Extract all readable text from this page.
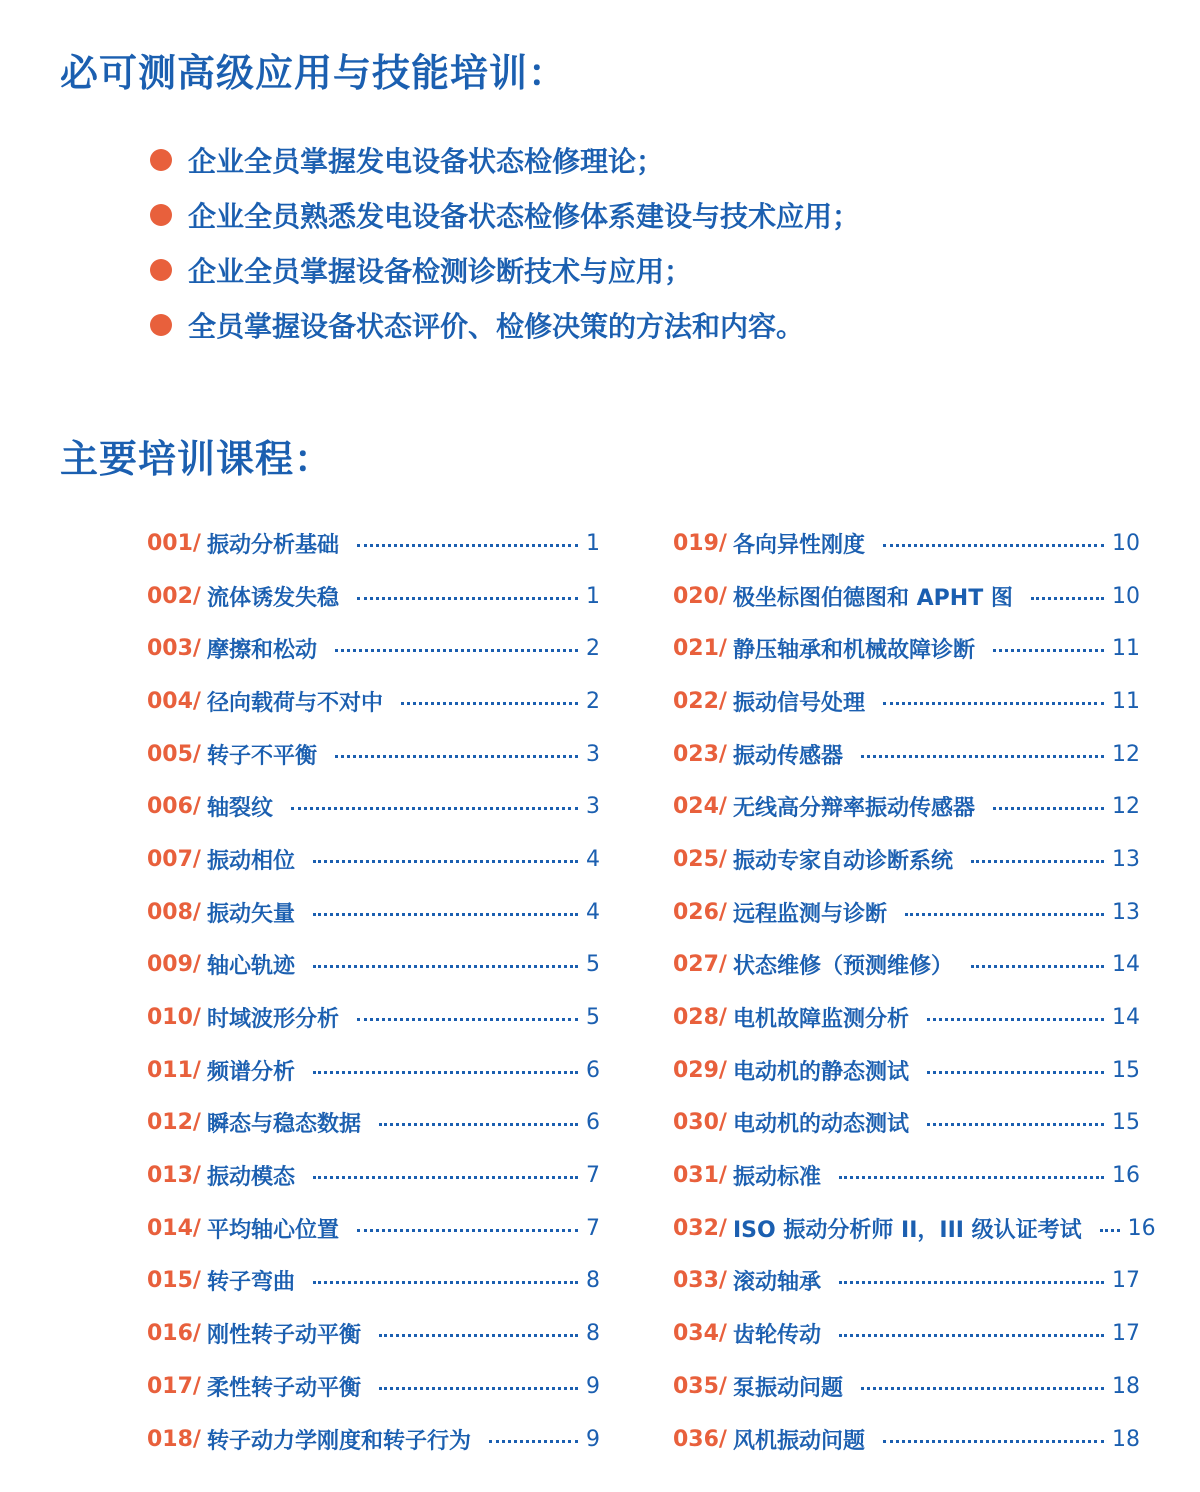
必可测高级应用与技能培训：
企业全员掌握发电设备状态检修理论；
企业全员熟悉发电设备状态检修体系建设与技术应用；
企业全员掌握设备检测诊断技术与应用；
全员掌握设备状态评价、检修决策的方法和内容。
主要培训课程：
001/ 振动分析基础	1
002/ 流体诱发失稳	1
003/ 摩擦和松动	2
004/ 径向载荷与不对中	2
005/ 转子不平衡	3
006/ 轴裂纹	3
007/ 振动相位	4
008/ 振动矢量	4
009/ 轴心轨迹	5
010/ 时域波形分析	5
011/ 频谱分析	6
012/ 瞬态与稳态数据	6
013/ 振动模态	7
014/ 平均轴心位置	7
015/ 转子弯曲	8
016/ 刚性转子动平衡	8
017/ 柔性转子动平衡	9
018/ 转子动力学刚度和转子行为	9
019/ 各向异性刚度	10
020/ 极坐标图伯德图和 APHT 图	10
021/ 静压轴承和机械故障诊断	11
022/ 振动信号处理	11
023/ 振动传感器	12
024/ 无线高分辩率振动传感器	12
025/ 振动专家自动诊断系统	13
026/ 远程监测与诊断	13
027/ 状态维修（预测维修）	14
028/ 电机故障监测分析	14
029/ 电动机的静态测试	15
030/ 电动机的动态测试	15
031/ 振动标准	16
032/ ISO 振动分析师 II，III 级认证考试 16
033/ 滚动轴承	17
034/ 齿轮传动	17
035/ 泵振动问题	18
036/ 风机振动问题	18
